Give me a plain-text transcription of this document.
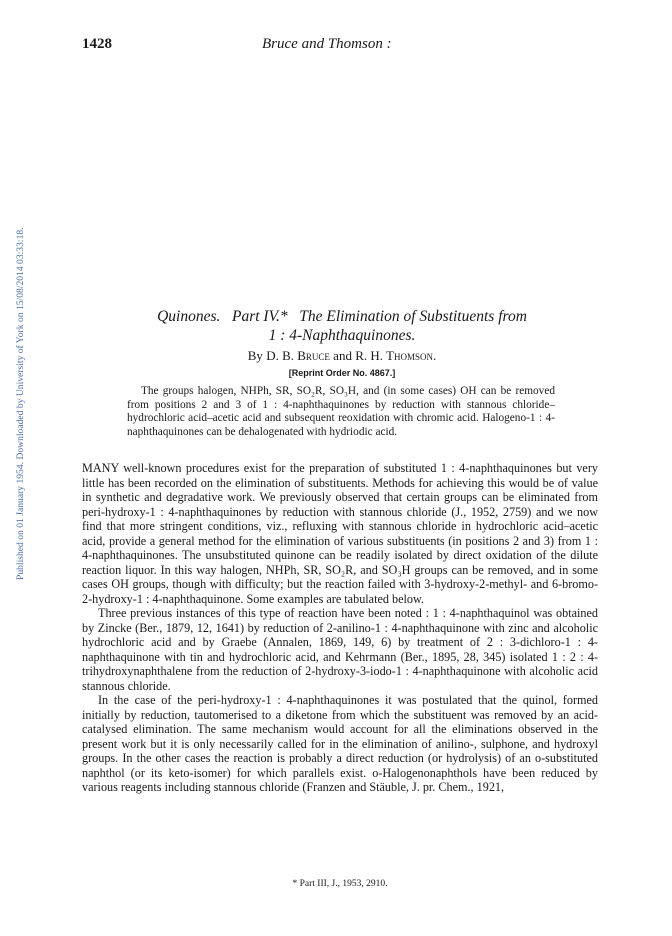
1428	Bruce and Thomson :
Published on 01 January 1954. Downloaded by University of York on 15/08/2014 03:33:18.	Quinones.   Part IV.*   The Elimination of Substituents from
1 : 4-Naphthaquinones.
By D. B. Bruce and R. H. Thomson.
[Reprint Order No. 4867.]

The groups halogen, NHPh, SR, SO₂R, SO₃H, and (in some cases) OH can be removed from positions 2 and 3 of 1 : 4-naphthaquinones by reduction with stannous chloride–hydrochloric acid–acetic acid and subsequent reoxidation with chromic acid. Halogeno-1 : 4-naphthaquinones can be dehalogenated with hydriodic acid.

MANY well-known procedures exist for the preparation of substituted 1 : 4-naphthaquinones but very little has been recorded on the elimination of substituents. Methods for achieving this would be of value in synthetic and degradative work. We previously observed that certain groups can be eliminated from peri-hydroxy-1 : 4-naphthaquinones by reduction with stannous chloride (J., 1952, 2759) and we now find that more stringent conditions, viz., refluxing with stannous chloride in hydrochloric acid–acetic acid, provide a general method for the elimination of various substituents (in positions 2 and 3) from 1 : 4-naphthaquinones. The unsubstituted quinone can be readily isolated by direct oxidation of the dilute reaction liquor. In this way halogen, NHPh, SR, SO₂R, and SO₃H groups can be removed, and in some cases OH groups, though with difficulty; but the reaction failed with 3-hydroxy-2-methyl- and 6-bromo-2-hydroxy-1 : 4-naphthaquinone. Some examples are tabulated below.

Three previous instances of this type of reaction have been noted : 1 : 4-naphthaquinol was obtained by Zincke (Ber., 1879, 12, 1641) by reduction of 2-anilino-1 : 4-naphthaquinone with zinc and alcoholic hydrochloric acid and by Graebe (Annalen, 1869, 149, 6) by treatment of 2 : 3-dichloro-1 : 4-naphthaquinone with tin and hydrochloric acid, and Kehrmann (Ber., 1895, 28, 345) isolated 1 : 2 : 4-trihydroxynaphthalene from the reduction of 2-hydroxy-3-iodo-1 : 4-naphthaquinone with alcoholic acid stannous chloride.

In the case of the peri-hydroxy-1 : 4-naphthaquinones it was postulated that the quinol, formed initially by reduction, tautomerised to a diketone from which the substituent was removed by an acid-catalysed elimination. The same mechanism would account for all the eliminations observed in the present work but it is only necessarily called for in the elimination of anilino-, sulphone, and hydroxyl groups. In the other cases the reaction is probably a direct reduction (or hydrolysis) of an o-substituted naphthol (or its keto-isomer) for which parallels exist. o-Halogenonaphthols have been reduced by various reagents including stannous chloride (Franzen and Stäuble, J. pr. Chem., 1921,

* Part III, J., 1953, 2910.
